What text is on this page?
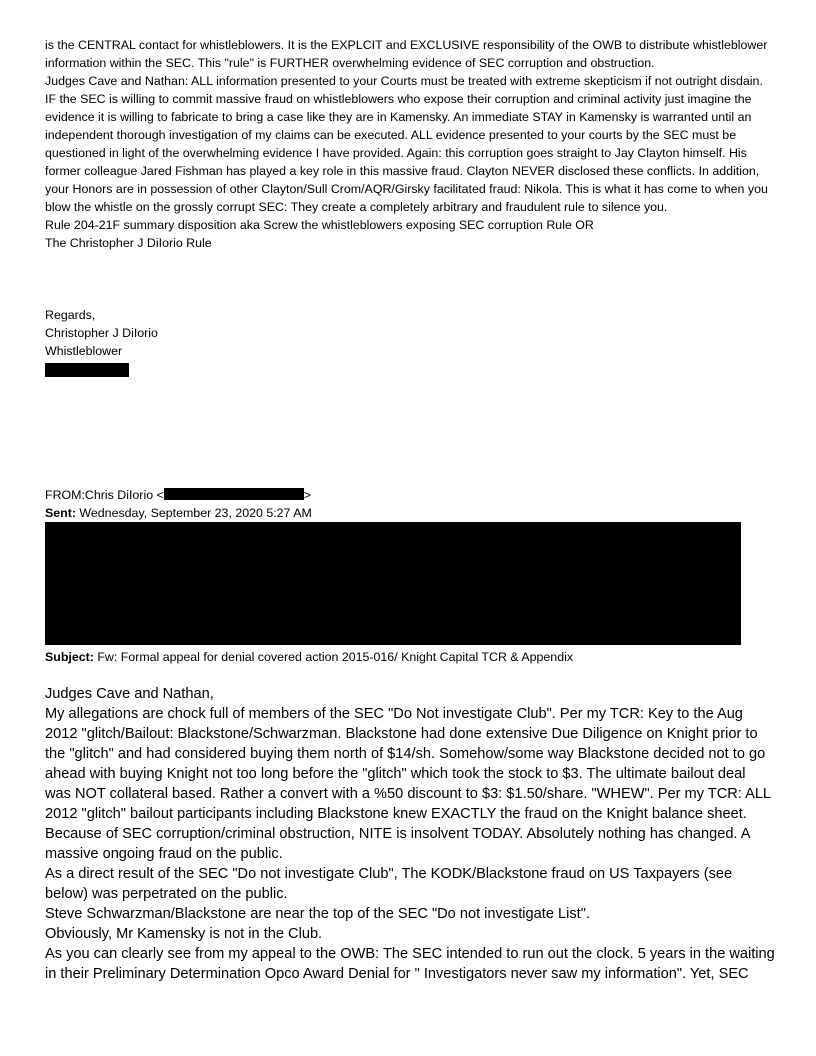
is the CENTRAL contact for whistleblowers. It is the EXPLCIT and EXCLUSIVE responsibility of the OWB to distribute whistleblower information within the SEC. This "rule" is FURTHER overwhelming evidence of SEC corruption and obstruction.

Judges Cave and Nathan: ALL information presented to your Courts must be treated with extreme skepticism if not outright disdain. IF the SEC is willing to commit massive fraud on whistleblowers who expose their corruption and criminal activity just imagine the evidence it is willing to fabricate to bring a case like they are in Kamensky. An immediate STAY in Kamensky is warranted until an independent thorough investigation of my claims can be executed. ALL evidence presented to your courts by the SEC must be questioned in light of the overwhelming evidence I have provided. Again: this corruption goes straight to Jay Clayton himself. His former colleague Jared Fishman has played a key role in this massive fraud. Clayton NEVER disclosed these conflicts. In addition, your Honors are in possession of other Clayton/Sull Crom/AQR/Girsky facilitated fraud: Nikola. This is what it has come to when you blow the whistle on the grossly corrupt SEC: They create a completely arbitrary and fraudulent rule to silence you.

Rule 204-21F summary disposition aka Screw the whistleblowers exposing SEC corruption Rule OR

The Christopher J DiIorio Rule

Regards,

Christopher J DiIorio

Whistleblower

FROM:Chris DiIorio <	>
Sent: Wednesday, September 23, 2020 5:27 AM
Subject: Fw: Formal appeal for denial covered action 2015-016/ Knight Capital TCR & Appendix

Judges Cave and Nathan,

My allegations are chock full of members of the SEC "Do Not investigate Club". Per my TCR: Key to the Aug 2012 "glitch/Bailout: Blackstone/Schwarzman. Blackstone had done extensive Due Diligence on Knight prior to the "glitch" and had considered buying them north of $14/sh. Somehow/some way Blackstone decided not to go ahead with buying Knight not too long before the "glitch" which took the stock to $3. The ultimate bailout deal was NOT collateral based. Rather a convert with a %50 discount to $3: $1.50/share. "WHEW". Per my TCR: ALL 2012 "glitch" bailout participants including Blackstone knew EXACTLY the fraud on the Knight balance sheet. Because of SEC corruption/criminal obstruction, NITE is insolvent TODAY. Absolutely nothing has changed. A massive ongoing fraud on the public.

As a direct result of the SEC "Do not investigate Club", The KODK/Blackstone fraud on US Taxpayers (see below) was perpetrated on the public.

Steve Schwarzman/Blackstone are near the top of the SEC "Do not investigate List".

Obviously, Mr Kamensky is not in the Club.

As you can clearly see from my appeal to the OWB: The SEC intended to run out the clock. 5 years in the waiting in their Preliminary Determination Opco Award Denial for " Investigators never saw my information". Yet, SEC
